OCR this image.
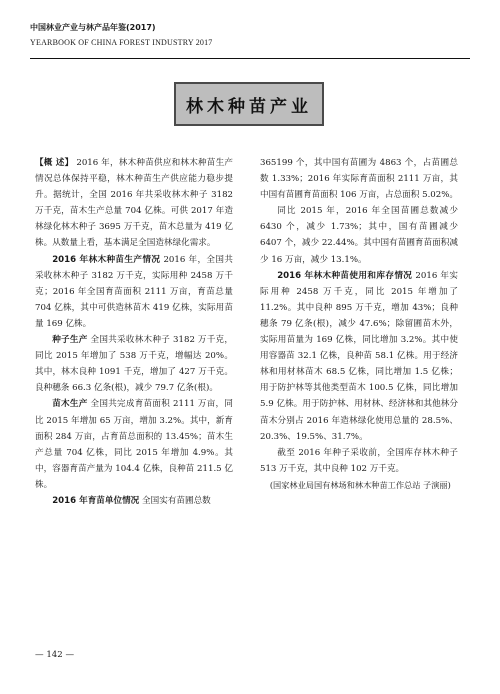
中国林业产业与林产品年鉴(2017)
YEARBOOK OF CHINA FOREST INDUSTRY 2017
林木种苗产业

【概 述】 2016 年，林木种苗供应和林木种苗生产情况总体保持平稳，林木种苗生产供应能力稳步提升。据统计，全国 2016 年共采收林木种子 3182 万千克，苗木生产总量 704 亿株。可供 2017 年造林绿化林木种子 3695 万千克，苗木总量为 419 亿株。从数量上看，基本满足全国造林绿化需求。

2016 年林木种苗生产情况 2016 年，全国共采收林木种子 3182 万千克，实际用种 2458 万千克；2016 年全国育苗面积 2111 万亩，育苗总量 704 亿株，其中可供造林苗木 419 亿株，实际用苗量 169 亿株。

种子生产 全国共采收林木种子 3182 万千克，同比 2015 年增加了 538 万千克，增幅达 20%。其中，林木良种 1091 千克，增加了 427 万千克。良种穗条 66.3 亿条(根)，减少 79.7 亿条(根)。

苗木生产 全国共完成育苗面积 2111 万亩，同比 2015 年增加 65 万亩，增加 3.2%。其中，新育面积 284 万亩，占育苗总面积的 13.45%；苗木生产总量 704 亿株，同比 2015 年增加 4.9%。其中，容器育苗产量为 104.4 亿株，良种苗 211.5 亿株。

2016 年育苗单位情况 全国实有苗圃总数

365199 个，其中国有苗圃为 4863 个，占苗圃总数 1.33%；2016 年实际育苗面积 2111 万亩，其中国有苗圃育苗面积 106 万亩，占总面积 5.02%。

同比 2015 年，2016 年全国苗圃总数减少 6430 个，减少 1.73%；其中，国有苗圃减少 6407 个，减少 22.44%。其中国有苗圃育苗面积减少 16 万亩，减少 13.1%。

2016 年林木种苗使用和库存情况 2016 年实际用种 2458 万千克，同比 2015 年增加了 11.2%。其中良种 895 万千克，增加 43%；良种穗条 79 亿条(根)，减少 47.6%；除留圃苗木外，实际用苗量为 169 亿株，同比增加 3.2%。其中使用容器苗 32.1 亿株，良种苗 58.1 亿株。用于经济林和用材林苗木 68.5 亿株，同比增加 1.5 亿株；用于防护林等其他类型苗木 100.5 亿株，同比增加 5.9 亿株。用于防护林、用材林、经济林和其他林分苗木分别占 2016 年造林绿化使用总量的 28.5%、20.3%、19.5%、31.7%。

截至 2016 年种子采收前，全国库存林木种子 513 万千克，其中良种 102 万千克。

(国家林业局国有林场和林木种苗工作总站 子演丽)

— 142 —
